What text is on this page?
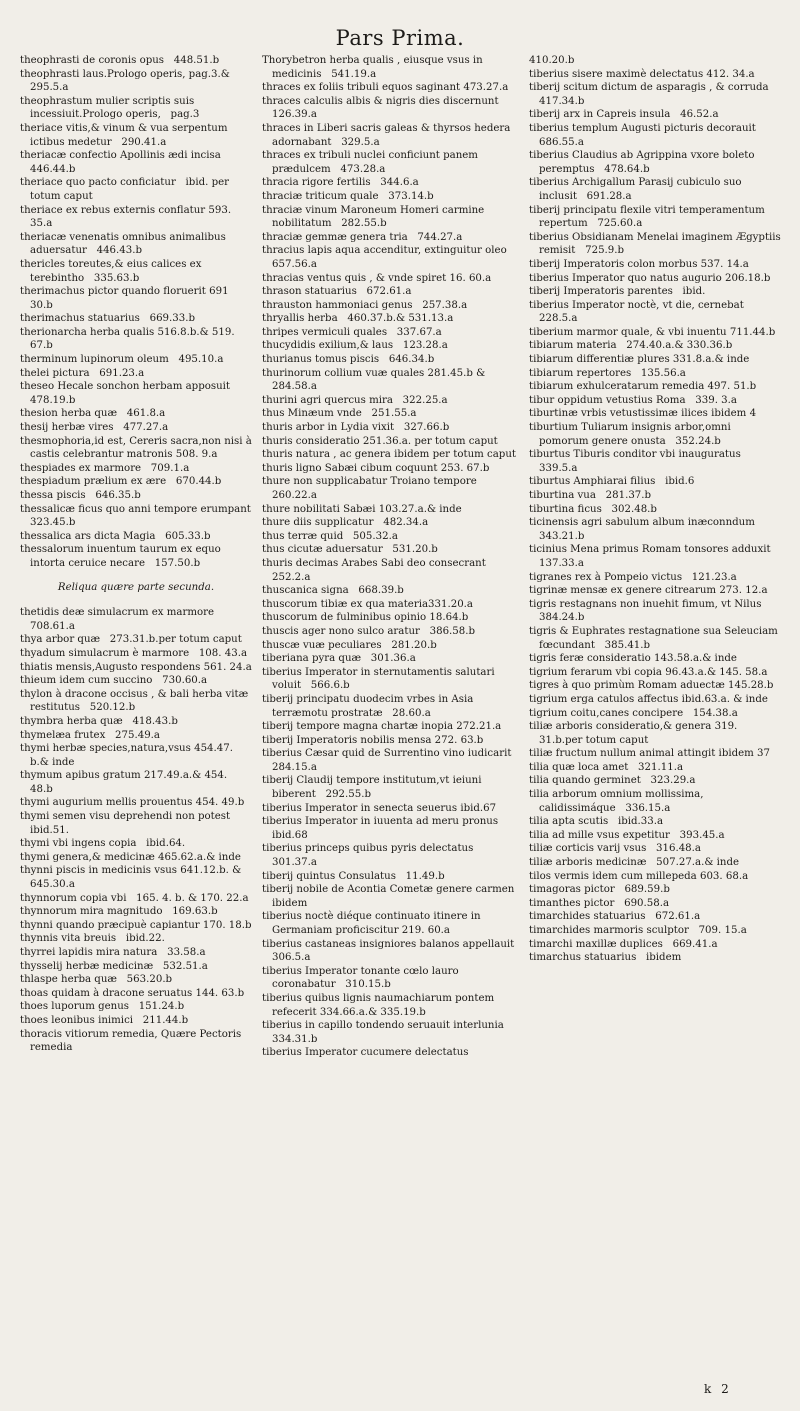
Pars Prima.
theophrasti de coronis opus   448.51.b
theophrasti laus.Prologo operis, pag.3.& 295.5.a
theophrastum mulier scriptis suis incessiuit.Prologo operis,   pag.3
theriace vitis,& vinum & vua serpentum ictibus medetur   290.41.a
theriacæ confectio Apollinis ædi incisa 446.44.b
theriace quo pacto conficiatur   ibid. per totum caput
theriace ex rebus externis conflatur 593. 35.a
theriacæ venenatis omnibus animalibus aduersatur   446.43.b
thericles toreutes,& eius calices ex terebintho   335.63.b
therimachus pictor quando floruerit 691 30.b
therimachus statuarius   669.33.b
therionarcha herba qualis 516.8.b.& 519. 67.b
therminum lupinorum oleum   495.10.a
thelei pictura   691.23.a
theseo Hecale sonchon herbam apposuit 478.19.b
thesion herba quæ   461.8.a
thesij herbæ vires   477.27.a
thesmophoria,id est, Cereris sacra,non nisi à castis celebrantur matronis 508. 9.a
thespiades ex marmore   709.1.a
thespiadum prælium ex ære   670.44.b
thessa piscis   646.35.b
thessalicæ ficus quo anni tempore erumpant   323.45.b
thessalica ars dicta Magia   605.33.b
thessalorum inuentum taurum ex equo intorta ceruice necare   157.50.b
Reliqua quære parte secunda.
thetidis deæ simulacrum ex marmore 708.61.a
thya arbor quæ   273.31.b.per totum caput
thyadum simulacrum è marmore   108. 43.a
thiatis mensis,Augusto respondens 561. 24.a
thieum idem cum succino   730.60.a
thylon à dracone occisus , & bali herba vitæ restitutus   520.12.b
thymbra herba quæ   418.43.b
thymelæa frutex   275.49.a
thymi herbæ species,natura,vsus 454.47. b.& inde
thymum apibus gratum 217.49.a.& 454. 48.b
thymi augurium mellis prouentus 454. 49.b
thymi semen visu deprehendi non potest ibid.51.
thymi vbi ingens copia   ibid.64.
thymi genera,& medicinæ 465.62.a.& inde
thynni piscis in medicinis vsus 641.12.b. & 645.30.a
thynnorum copia vbi   165. 4. b. & 170. 22.a
thynnorum mira magnitudo   169.63.b
thynni quando præcipuè capiantur 170. 18.b
thynnis vita breuis   ibid.22.
thyrrei lapidis mira natura   33.58.a
thysselij herbæ medicinæ   532.51.a
thlaspe herba quæ   563.20.b
thoas quidam à dracone seruatus 144. 63.b
thoes luporum genus   151.24.b
thoes leonibus inimici   211.44.b
thoracis vitiorum remedia, Quære Pectoris remedia
Thorybetron herba qualis , eiusque vsus in medicinis   541.19.a
thraces ex foliis tribuli equos saginant 473.27.a
thraces calculis albis & nigris dies discernunt   126.39.a
thraces in Liberi sacris galeas & thyrsos hedera adornabant   329.5.a
thraces ex tribuli nuclei conficiunt panem prædulcem   473.28.a
thracia rigore fertilis   344.6.a
thraciæ triticum quale   373.14.b
thraciæ vinum Maroneum Homeri carmine nobilitatum   282.55.b
thraciæ gemmæ genera tria   744.27.a
thracius lapis aqua accenditur, extinguitur oleo   657.56.a
thracias ventus quis , & vnde spiret 16. 60.a
thrason statuarius   672.61.a
thrauston hammoniaci genus   257.38.a
thryallis herba   460.37.b.& 531.13.a
thripes vermiculi quales   337.67.a
thucydidis exilium,& laus   123.28.a
thurianus tomus piscis   646.34.b
thurinorum collium vuæ quales 281.45.b & 284.58.a
thurini agri quercus mira   322.25.a
thus Minæum vnde   251.55.a
thuris arbor in Lydia vixit   327.66.b
thuris consideratio 251.36.a. per totum caput
thuris natura , ac genera ibidem per totum caput
thuris ligno Sabæi cibum coquunt 253. 67.b
thure non supplicabatur Troiano tempore   260.22.a
thure nobilitati Sabæi 103.27.a.& inde
thure diis supplicatur   482.34.a
thus terræ quid   505.32.a
thus cicutæ aduersatur   531.20.b
thuris decimas Arabes Sabi deo consecrant   252.2.a
thuscanica signa   668.39.b
thuscorum tibiæ ex qua materia331.20.a
thuscorum de fulminibus opinio 18.64.b
thuscis ager nono sulco aratur   386.58.b
thuscæ vuæ peculiares   281.20.b
tiberiana pyra quæ   301.36.a
tiberius Imperator in sternutamentis salutari voluit   566.6.b
tiberij principatu duodecim vrbes in Asia terræmotu prostratæ   28.60.a
tiberij tempore magna chartæ inopia 272.21.a
tiberij Imperatoris nobilis mensa 272. 63.b
tiberius Cæsar quid de Surrentino vino iudicarit   284.15.a
tiberij Claudij tempore institutum,vt ieiuni biberent   292.55.b
tiberius Imperator in senecta seuerus ibid.67
tiberius Imperator in iuuenta ad meru pronus   ibid.68
tiberius princeps quibus pyris delectatus   301.37.a
tiberij quintus Consulatus   11.49.b
tiberij nobile de Acontia Cometæ genere carmen   ibidem
tiberius noctè diéque continuato itinere in Germaniam proficiscitur 219. 60.a
tiberius castaneas insigniores balanos appellauit   306.5.a
tiberius Imperator tonante cœlo lauro coronabatur   310.15.b
tiberius quibus lignis naumachiarum pontem refecerit 334.66.a.& 335.19.b
tiberius in capillo tondendo seruauit interlunia   334.31.b
tiberius Imperator cucumere delectatus
410.20.b
tiberius sisere maximè delectatus 412. 34.a
tiberij scitum dictum de asparagis , & corruda   417.34.b
tiberij arx in Capreis insula   46.52.a
tiberius templum Augusti picturis decorauit   686.55.a
tiberius Claudius ab Agrippina vxore boleto peremptus   478.64.b
tiberius Archigallum Parasij cubiculo suo inclusit   691.28.a
tiberij principatu flexile vitri temperamentum repertum   725.60.a
tiberius Obsidianam Menelai imaginem Ægyptiis remisit   725.9.b
tiberij Imperatoris colon morbus 537. 14.a
tiberius Imperator quo natus augurio 206.18.b
tiberij Imperatoris parentes   ibid.
tiberius Imperator noctè, vt die, cernebat   228.5.a
tiberium marmor quale, & vbi inuentu 711.44.b
tibiarum materia   274.40.a.& 330.36.b
tibiarum differentiæ plures 331.8.a.& inde
tibiarum repertores   135.56.a
tibiarum exhulceratarum remedia 497. 51.b
tibur oppidum vetustius Roma   339. 3.a
tiburtinæ vrbis vetustissimæ ilices ibidem 4
tiburtium Tuliarum insignis arbor,omni pomorum genere onusta   352.24.b
tiburtus Tiburis conditor vbi inauguratus   339.5.a
tiburtus Amphiarai filius   ibid.6
tiburtina vua   281.37.b
tiburtina ficus   302.48.b
ticinensis agri sabulum album inæconndum   343.21.b
ticinius Mena primus Romam tonsores adduxit   137.33.a
tigranes rex à Pompeio victus   121.23.a
tigrinæ mensæ ex genere citrearum 273. 12.a
tigris restagnans non inuehit fimum, vt Nilus   384.24.b
tigris & Euphrates restagnatione sua Seleuciam fœcundant   385.41.b
tigris feræ consideratio 143.58.a.& inde
tigrium ferarum vbi copia 96.43.a.& 145. 58.a
tigres à quo primùm Romam aduectæ 145.28.b
tigrium erga catulos affectus ibid.63.a. & inde
tigrium coitu,canes concipere   154.38.a
tiliæ arboris consideratio,& genera 319. 31.b.per totum caput
tiliæ fructum nullum animal attingit ibidem 37
tilia quæ loca amet   321.11.a
tilia quando germinet   323.29.a
tilia arborum omnium mollissima, calidissimáque   336.15.a
tilia apta scutis   ibid.33.a
tilia ad mille vsus expetitur   393.45.a
tiliæ corticis varij vsus   316.48.a
tiliæ arboris medicinæ   507.27.a.& inde
tilos vermis idem cum millepeda 603. 68.a
timagoras pictor   689.59.b
timanthes pictor   690.58.a
timarchides statuarius   672.61.a
timarchides marmoris sculptor   709. 15.a
timarchi maxillæ duplices   669.41.a
timarchus statuarius   ibidem
k 2
